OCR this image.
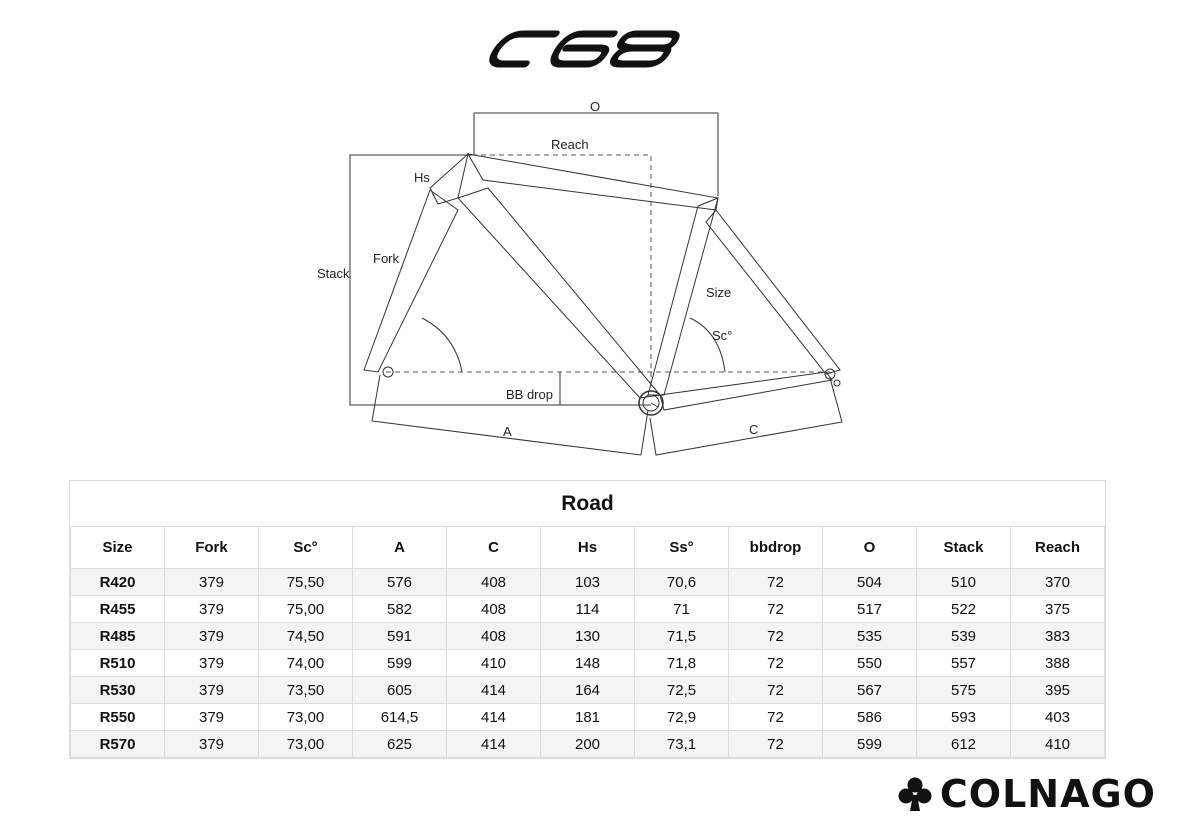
O
Reach
Hs
Stack
Fork
Size
Sc°
BB drop
A	C
Road										
Size	Fork	Sc°	A	C	Hs	Ss°	bbdrop	O	Stack	Reach
R420	379	75,50	576	408	103	70,6	72	504	510	370
R455	379	75,00	582	408	114	71	72	517	522	375
R485	379	74,50	591	408	130	71,5	72	535	539	383
R510	379	74,00	599	410	148	71,8	72	550	557	388
R530	379	73,50	605	414	164	72,5	72	567	575	395
R550	379	73,00	614,5	414	181	72,9	72	586	593	403
R570	379	73,00	625	414	200	73,1	72	599	612	410
COLNAGO
